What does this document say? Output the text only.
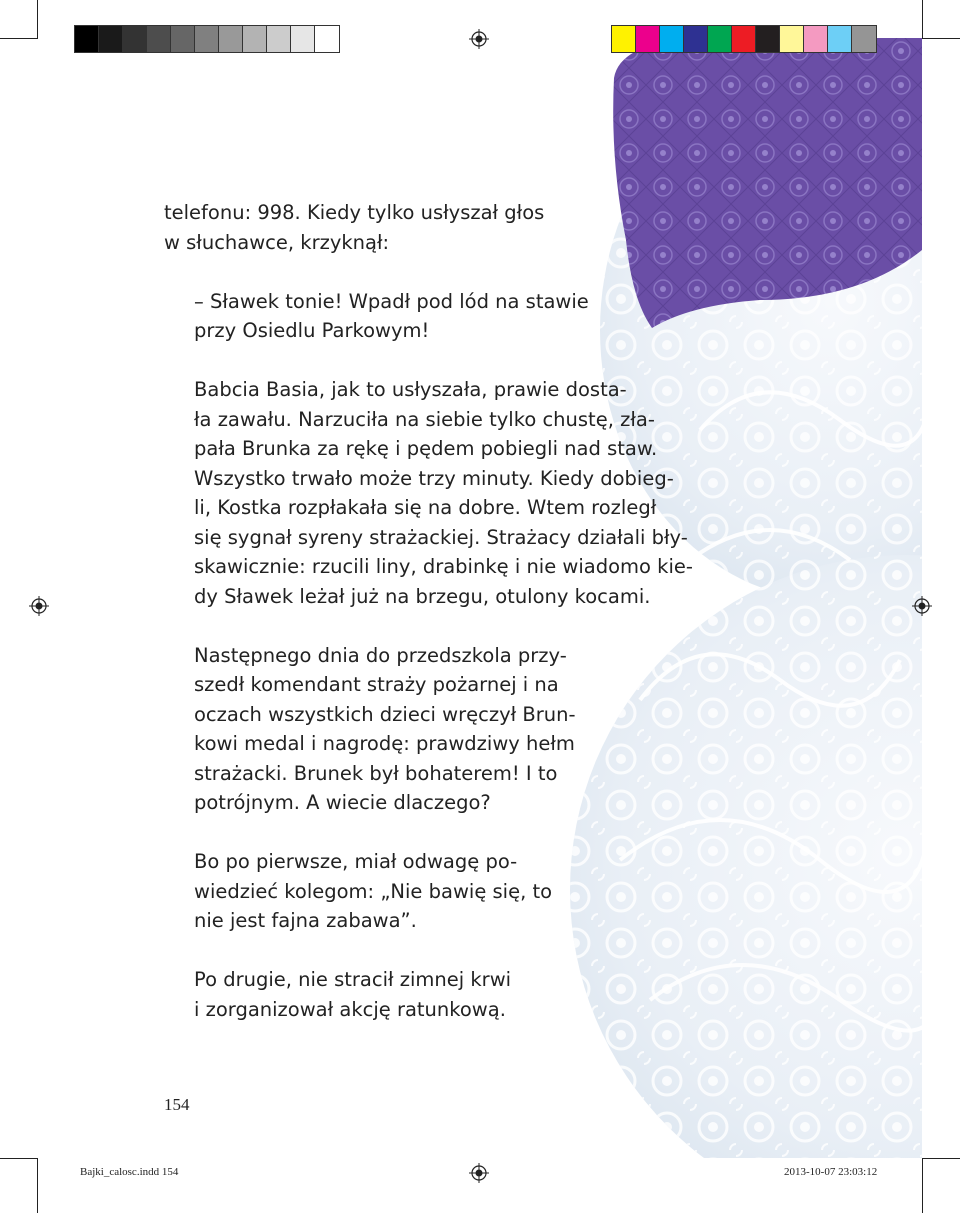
telefonu: 998. Kiedy tylko usłyszał głos
w słuchawce, krzyknął:
– Sławek tonie! Wpadł pod lód na stawie
przy Osiedlu Parkowym!
Babcia Basia, jak to usłyszała, prawie dosta-
ła zawału. Narzuciła na siebie tylko chustę, zła-
pała Brunka za rękę i pędem pobiegli nad staw.
Wszystko trwało może trzy minuty. Kiedy dobieg-
li, Kostka rozpłakała się na dobre. Wtem rozległ
się sygnał syreny strażackiej. Strażacy działali bły-
skawicznie: rzucili liny, drabinkę i nie wiadomo kie-
dy Sławek leżał już na brzegu, otulony kocami.
Następnego dnia do przedszkola przy-
szedł komendant straży pożarnej i na
oczach wszystkich dzieci wręczył Brun-
kowi medal i nagrodę: prawdziwy hełm
strażacki. Brunek był bohaterem! I to
potrójnym. A wiecie dlaczego?
Bo po pierwsze, miał odwagę po-
wiedzieć kolegom: „Nie bawię się, to
nie jest fajna zabawa”.
Po drugie, nie stracił zimnej krwi
i zorganizował akcję ratunkową.
154
Bajki_calosc.indd 154	2013-10-07 23:03:12
